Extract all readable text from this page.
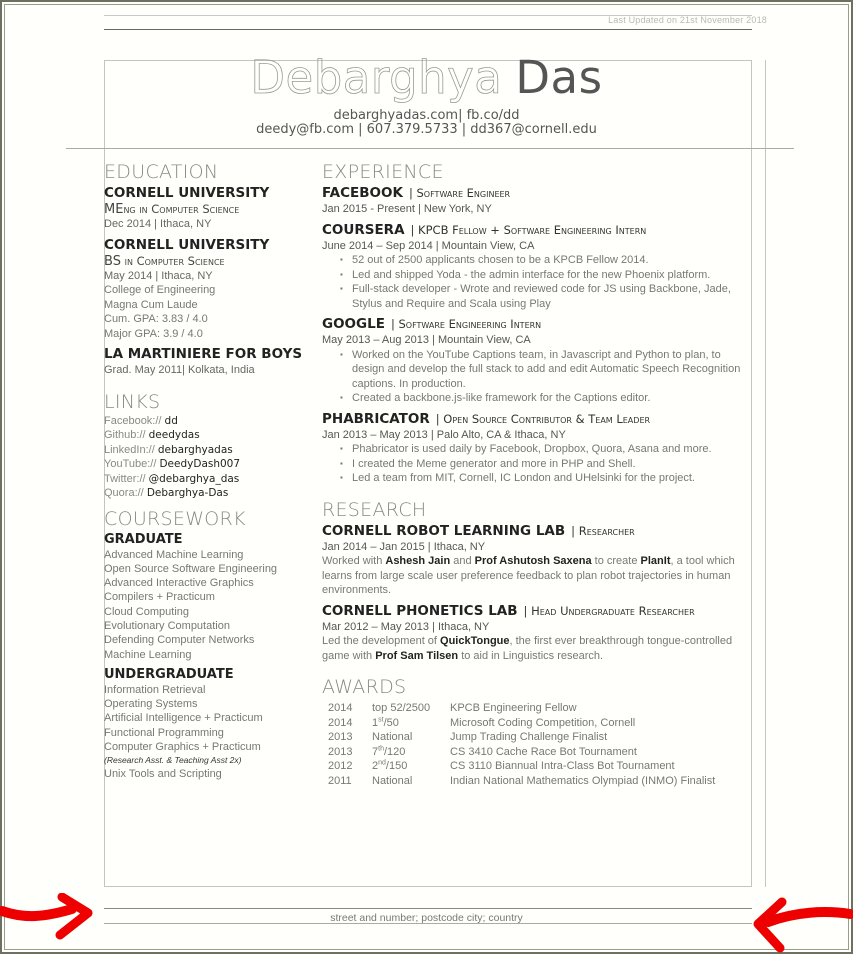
Last Updated on 21st November 2018
Debarghya Das
debarghyadas.com| fb.co/dd
deedy@fb.com | 607.379.5733 | dd367@cornell.edu
EDUCATION
CORNELL UNIVERSITY
MEng in Computer Science
Dec 2014 | Ithaca, NY
CORNELL UNIVERSITY
BS in Computer Science
May 2014 | Ithaca, NY
College of Engineering
Magna Cum Laude
Cum. GPA: 3.83 / 4.0
Major GPA: 3.9 / 4.0
LA MARTINIERE FOR BOYS
Grad. May 2011| Kolkata, India
LINKS
Facebook:// dd
Github:// deedydas
LinkedIn:// debarghyadas
YouTube:// DeedyDash007
Twitter:// @debarghya_das
Quora:// Debarghya-Das
COURSEWORK
GRADUATE
Advanced Machine Learning
Open Source Software Engineering
Advanced Interactive Graphics
Compilers + Practicum
Cloud Computing
Evolutionary Computation
Defending Computer Networks
Machine Learning
UNDERGRADUATE
Information Retrieval
Operating Systems
Artificial Intelligence + Practicum
Functional Programming
Computer Graphics + Practicum
(Research Asst. & Teaching Asst 2x)
Unix Tools and Scripting
EXPERIENCE
FACEBOOK | Software Engineer
Jan 2015 - Present | New York, NY
COURSERA | KPCB Fellow + Software Engineering Intern
June 2014 – Sep 2014 | Mountain View, CA
▪ 52 out of 2500 applicants chosen to be a KPCB Fellow 2014.
▪ Led and shipped Yoda - the admin interface for the new Phoenix platform.
▪ Full-stack developer - Wrote and reviewed code for JS using Backbone, Jade, Stylus and Require and Scala using Play
GOOGLE | Software Engineering Intern
May 2013 – Aug 2013 | Mountain View, CA
▪ Worked on the YouTube Captions team, in Javascript and Python to plan, to design and develop the full stack to add and edit Automatic Speech Recognition captions. In production.
▪ Created a backbone.js-like framework for the Captions editor.
PHABRICATOR | Open Source Contributor & Team Leader
Jan 2013 – May 2013 | Palo Alto, CA & Ithaca, NY
▪ Phabricator is used daily by Facebook, Dropbox, Quora, Asana and more.
▪ I created the Meme generator and more in PHP and Shell.
▪ Led a team from MIT, Cornell, IC London and UHelsinki for the project.
RESEARCH
CORNELL ROBOT LEARNING LAB | Researcher
Jan 2014 – Jan 2015 | Ithaca, NY
Worked with Ashesh Jain and Prof Ashutosh Saxena to create PlanIt, a tool which learns from large scale user preference feedback to plan robot trajectories in human environments.
CORNELL PHONETICS LAB | Head Undergraduate Researcher
Mar 2012 – May 2013 | Ithaca, NY
Led the development of QuickTongue, the first ever breakthrough tongue-controlled game with Prof Sam Tilsen to aid in Linguistics research.
AWARDS
2014	top 52/2500	KPCB Engineering Fellow
2014	1st/50	Microsoft Coding Competition, Cornell
2013	National	Jump Trading Challenge Finalist
2013	7th/120	CS 3410 Cache Race Bot Tournament
2012	2nd/150	CS 3110 Biannual Intra-Class Bot Tournament
2011	National	Indian National Mathematics Olympiad (INMO) Finalist
street and number; postcode city; country
